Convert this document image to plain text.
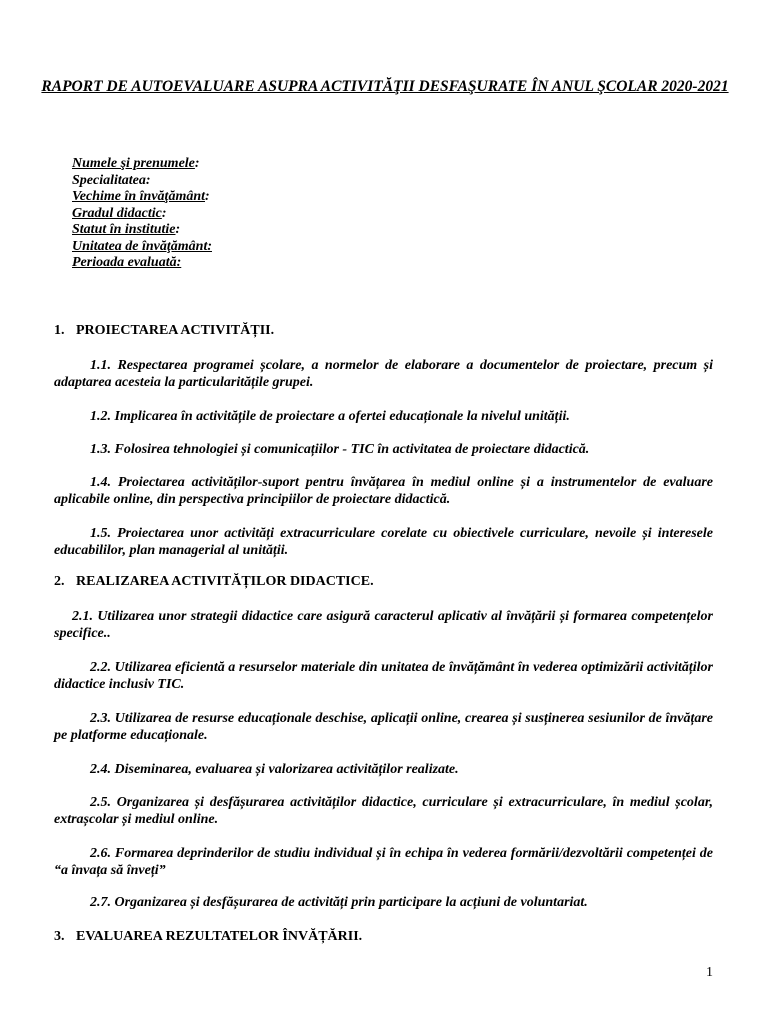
RAPORT DE AUTOEVALUARE ASUPRA ACTIVITĂŢII DESFAŞURATE ÎN ANUL ŞCOLAR 2020-2021
Numele şi prenumele:
Specialitatea:
Vechime în învăţământ:
Gradul didactic:
Statut în institutie:
Unitatea de învăţământ:
Perioada evaluată:
1. PROIECTAREA ACTIVITĂȚII.
1.1. Respectarea programei școlare, a normelor de elaborare a documentelor de proiectare, precum și adaptarea acesteia la particularitățile grupei.
1.2. Implicarea în activitățile de proiectare a ofertei educaționale la nivelul unității.
1.3. Folosirea tehnologiei și comunicațiilor - TIC în activitatea de proiectare didactică.
1.4. Proiectarea activităților-suport pentru învățarea în mediul online și a instrumentelor de evaluare aplicabile online, din perspectiva principiilor de proiectare didactică.
1.5. Proiectarea unor activități extracurriculare corelate cu obiectivele curriculare, nevoile și interesele educabililor, plan managerial al unității.
2. REALIZAREA ACTIVITĂȚILOR DIDACTICE.
2.1. Utilizarea unor strategii didactice care asigură caracterul aplicativ al învățării și formarea competențelor specifice..
2.2. Utilizarea eficientă a resurselor materiale din unitatea de învățământ în vederea optimizării activităților didactice inclusiv TIC.
2.3. Utilizarea de resurse educaționale deschise, aplicații online, crearea și susținerea sesiunilor de învățare pe platforme educaționale.
2.4. Diseminarea, evaluarea și valorizarea activităților realizate.
2.5. Organizarea și desfășurarea activităților didactice, curriculare și extracurriculare, în mediul școlar, extrașcolar și mediul online.
2.6. Formarea deprinderilor de studiu individual și în echipa în vederea formării/dezvoltării competenței de “a învața să înveți”
2.7. Organizarea și desfășurarea de activități prin participare la acțiuni de voluntariat.
3. EVALUAREA REZULTATELOR ÎNVĂȚĂRII.
1
